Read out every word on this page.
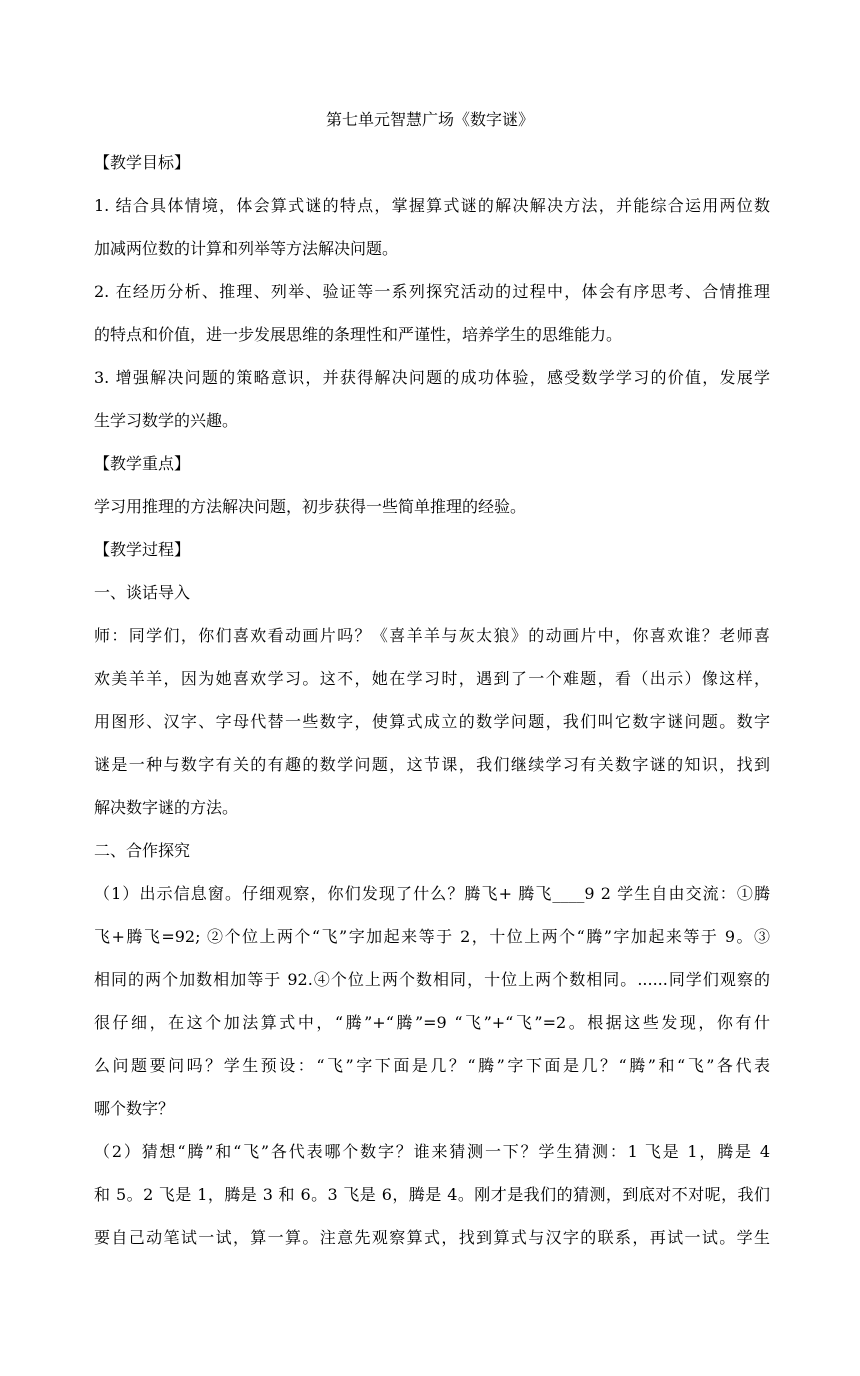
第七单元智慧广场《数字谜》
【教学目标】
1. 结合具体情境，体会算式谜的特点，掌握算式谜的解决解决方法，并能综合运用两位数
加减两位数的计算和列举等方法解决问题。
2. 在经历分析、推理、列举、验证等一系列探究活动的过程中，体会有序思考、合情推理
的特点和价值，进一步发展思维的条理性和严谨性，培养学生的思维能力。
3. 增强解决问题的策略意识，并获得解决问题的成功体验，感受数学学习的价值，发展学
生学习数学的兴趣。
【教学重点】
学习用推理的方法解决问题，初步获得一些简单推理的经验。
【教学过程】
一、谈话导入
师：同学们，你们喜欢看动画片吗？《喜羊羊与灰太狼》的动画片中，你喜欢谁？老师喜
欢美羊羊，因为她喜欢学习。这不，她在学习时，遇到了一个难题，看（出示）像这样，
用图形、汉字、字母代替一些数字，使算式成立的数学问题，我们叫它数字谜问题。数字
谜是一种与数字有关的有趣的数学问题，这节课，我们继续学习有关数字谜的知识，找到
解决数字谜的方法。
二、合作探究
（1）出示信息窗。仔细观察，你们发现了什么？腾飞+ 腾飞____9 2 学生自由交流：①腾
飞+腾飞=92; ②个位上两个“飞”字加起来等于 2，十位上两个“腾”字加起来等于 9。③
相同的两个加数相加等于 92.④个位上两个数相同，十位上两个数相同。......同学们观察的
很仔细，在这个加法算式中，“腾”+“腾”=9 “飞”+“飞”=2。根据这些发现，你有什
么问题要问吗？学生预设：“飞”字下面是几？“腾”字下面是几？“腾”和“飞”各代表
哪个数字？
（2）猜想“腾”和“飞”各代表哪个数字？谁来猜测一下？学生猜测：1 飞是 1，腾是 4
和 5。2 飞是 1，腾是 3 和 6。3 飞是 6，腾是 4。刚才是我们的猜测，到底对不对呢，我们
要自己动笔试一试，算一算。注意先观察算式，找到算式与汉字的联系，再试一试。学生
